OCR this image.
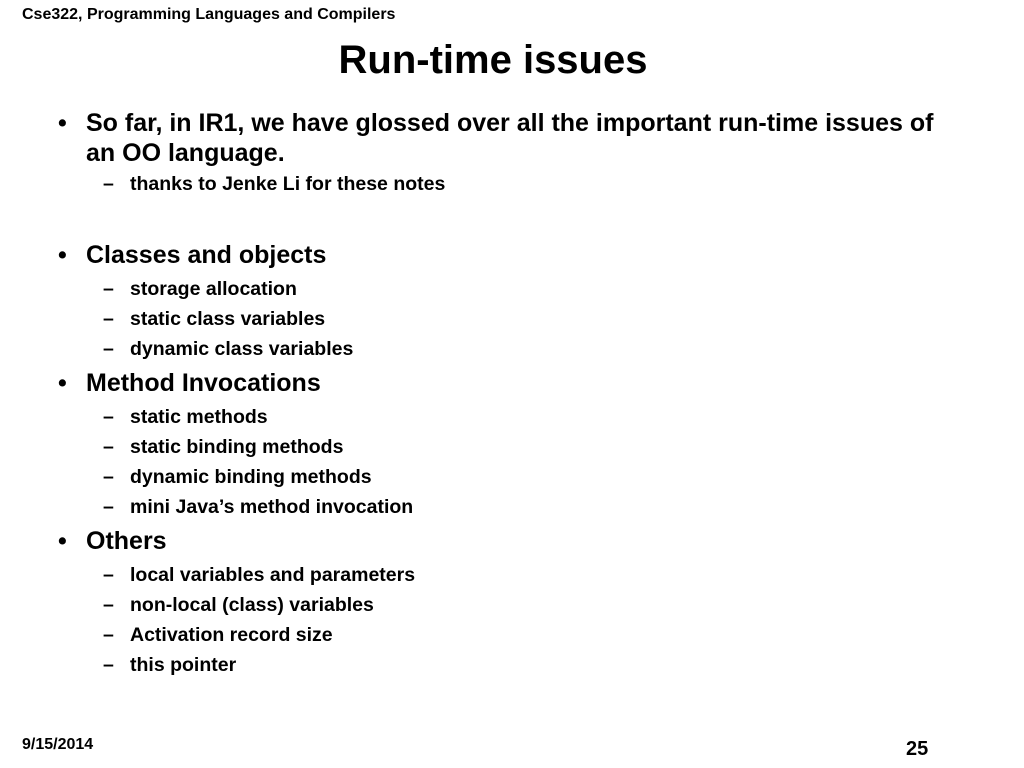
Cse322, Programming Languages and Compilers
Run-time issues
• So far, in IR1, we have glossed over all the important run-time issues of an OO language.
– thanks to Jenke Li for these notes
• Classes and objects
– storage allocation
– static class variables
– dynamic class variables
• Method Invocations
– static methods
– static binding methods
– dynamic binding methods
– mini Java’s method invocation
• Others
– local variables and parameters
– non-local (class) variables
– Activation record size
– this pointer
9/15/2014	25
